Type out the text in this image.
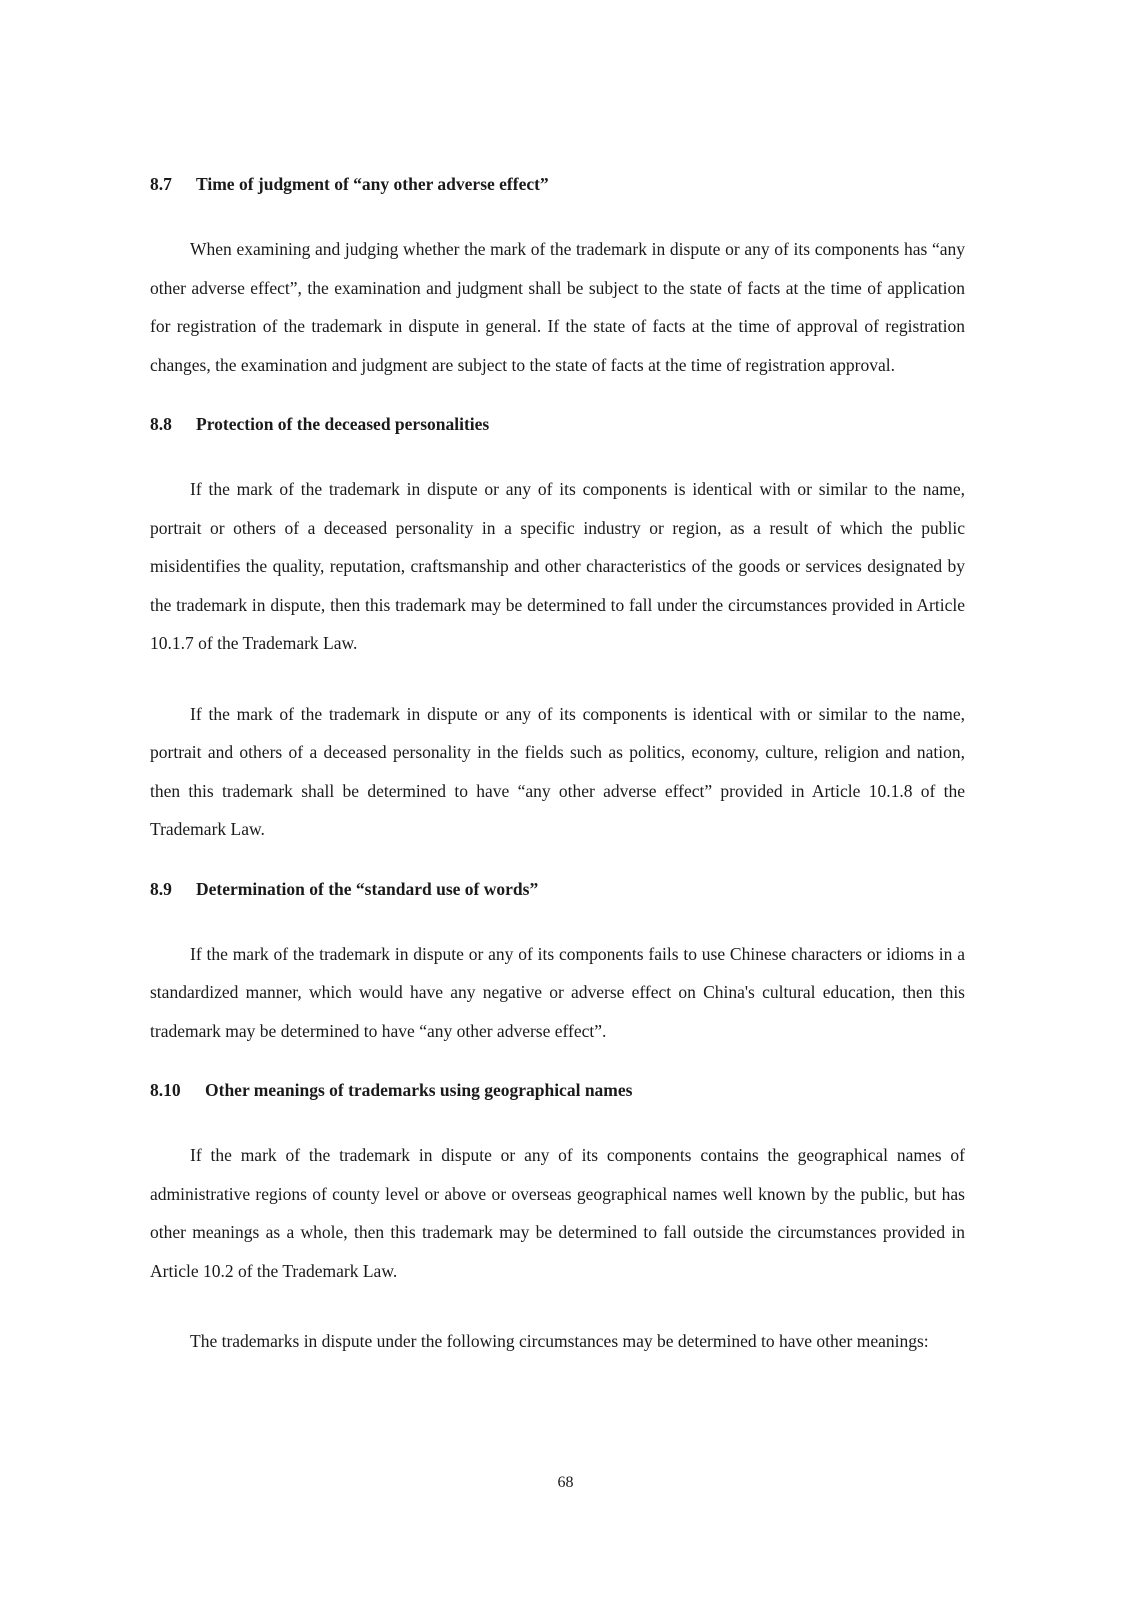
8.7	Time of judgment of “any other adverse effect”

When examining and judging whether the mark of the trademark in dispute or any of its components has “any other adverse effect”, the examination and judgment shall be subject to the state of facts at the time of application for registration of the trademark in dispute in general. If the state of facts at the time of approval of registration changes, the examination and judgment are subject to the state of facts at the time of registration approval.

8.8	Protection of the deceased personalities

If the mark of the trademark in dispute or any of its components is identical with or similar to the name, portrait or others of a deceased personality in a specific industry or region, as a result of which the public misidentifies the quality, reputation, craftsmanship and other characteristics of the goods or services designated by the trademark in dispute, then this trademark may be determined to fall under the circumstances provided in Article 10.1.7 of the Trademark Law.

If the mark of the trademark in dispute or any of its components is identical with or similar to the name, portrait and others of a deceased personality in the fields such as politics, economy, culture, religion and nation, then this trademark shall be determined to have “any other adverse effect” provided in Article 10.1.8 of the Trademark Law.

8.9	Determination of the “standard use of words”

If the mark of the trademark in dispute or any of its components fails to use Chinese characters or idioms in a standardized manner, which would have any negative or adverse effect on China's cultural education, then this trademark may be determined to have “any other adverse effect”.

8.10	Other meanings of trademarks using geographical names

If the mark of the trademark in dispute or any of its components contains the geographical names of administrative regions of county level or above or overseas geographical names well known by the public, but has other meanings as a whole, then this trademark may be determined to fall outside the circumstances provided in Article 10.2 of the Trademark Law.

The trademarks in dispute under the following circumstances may be determined to have other meanings:

68
